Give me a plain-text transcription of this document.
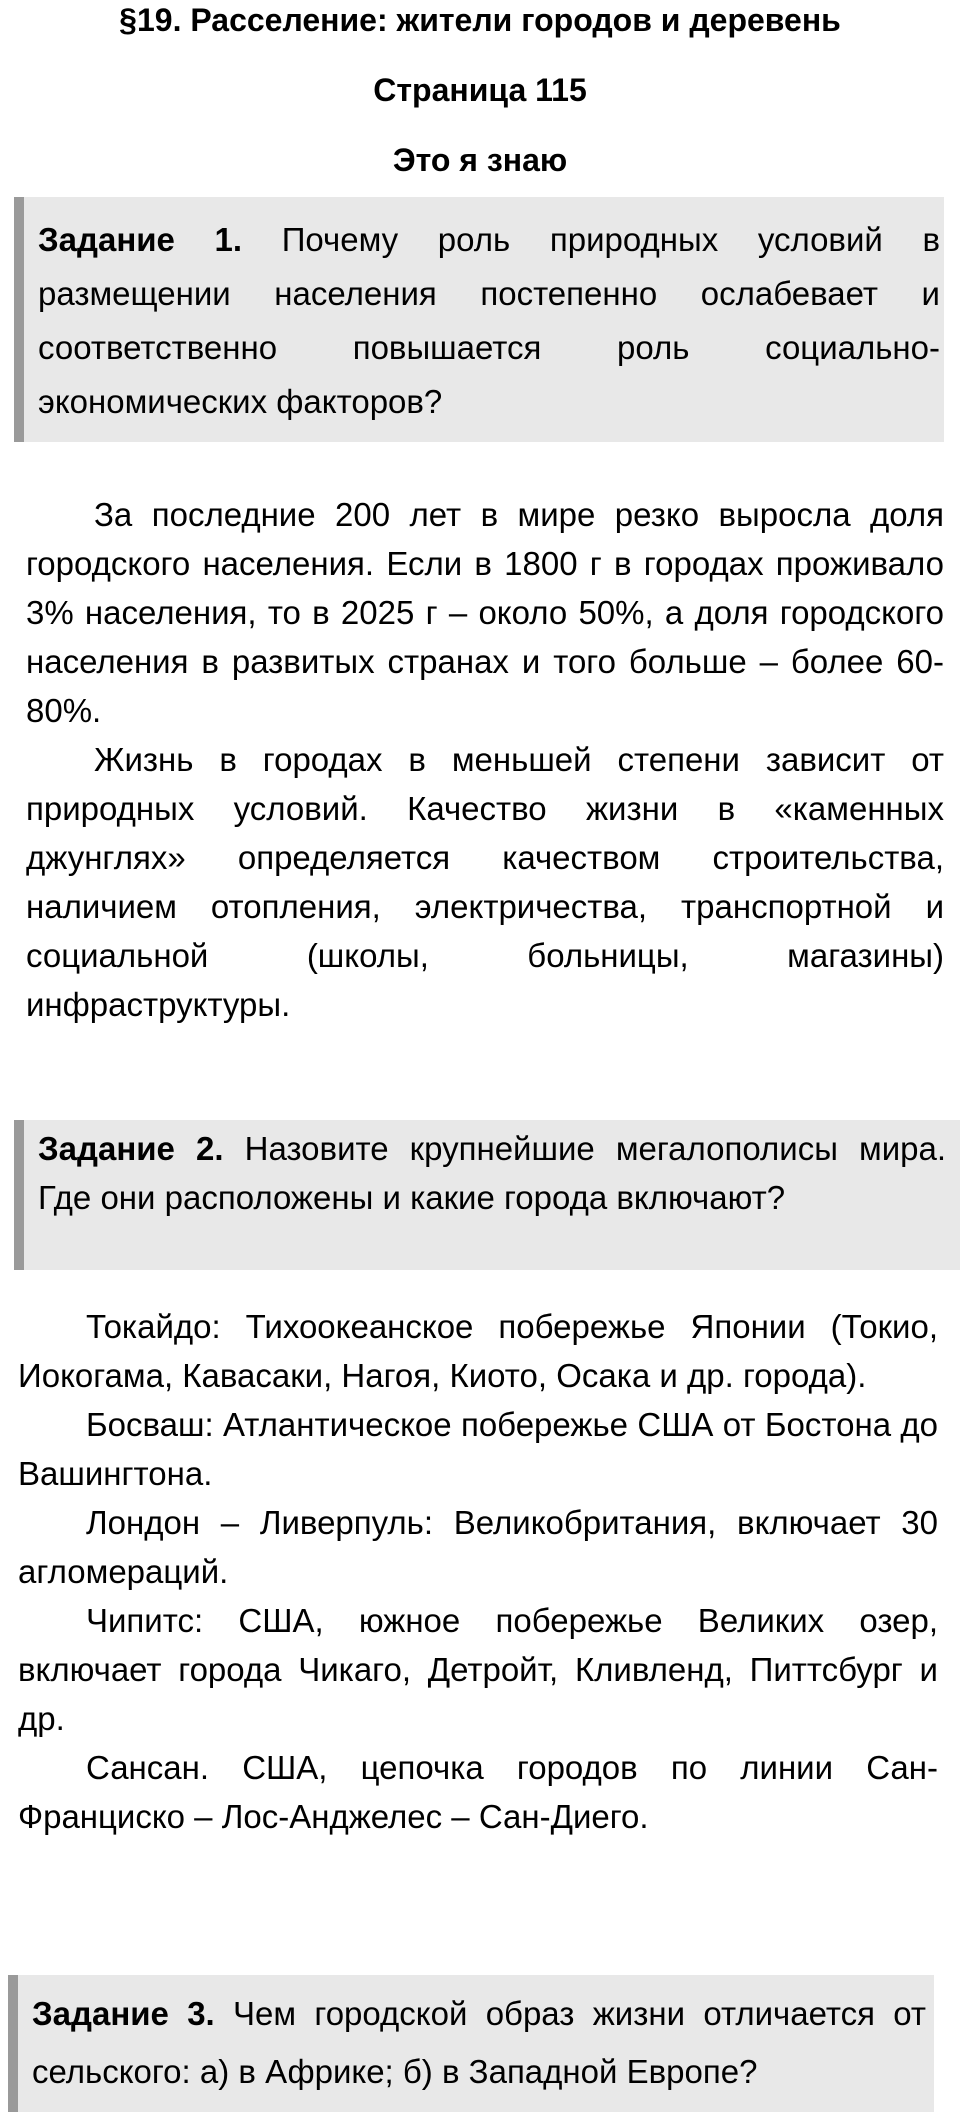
§19. Расселение: жители городов и деревень
Страница 115
Это я знаю
Задание 1. Почему роль природных условий в размещении населения постепенно ослабевает и соответственно повышается роль социально-экономических факторов?

За последние 200 лет в мире резко выросла доля городского населения. Если в 1800 г в городах проживало 3% населения, то в 2025 г – около 50%, а доля городского населения в развитых странах и того больше – более 60-80%.

Жизнь в городах в меньшей степени зависит от природных условий. Качество жизни в «каменных джунглях» определяется качеством строительства, наличием отопления, электричества, транспортной и социальной (школы, больницы, магазины) инфраструктуры.

Задание 2. Назовите крупнейшие мегалополисы мира. Где они расположены и какие города включают?

Токайдо: Тихоокеанское побережье Японии (Токио, Иокогама, Кавасаки, Нагоя, Киото, Осака и др. города).

Босваш: Атлантическое побережье США от Бостона до Вашингтона.

Лондон – Ливерпуль: Великобритания, включает 30 агломераций.

Чипитс: США, южное побережье Великих озер, включает города Чикаго, Детройт, Кливленд, Питтсбург и др.

Сансан. США, цепочка городов по линии Сан-Франциско – Лос-Анджелес – Сан-Диего.

Задание 3. Чем городской образ жизни отличается от сельского: а) в Африке; б) в Западной Европе?
